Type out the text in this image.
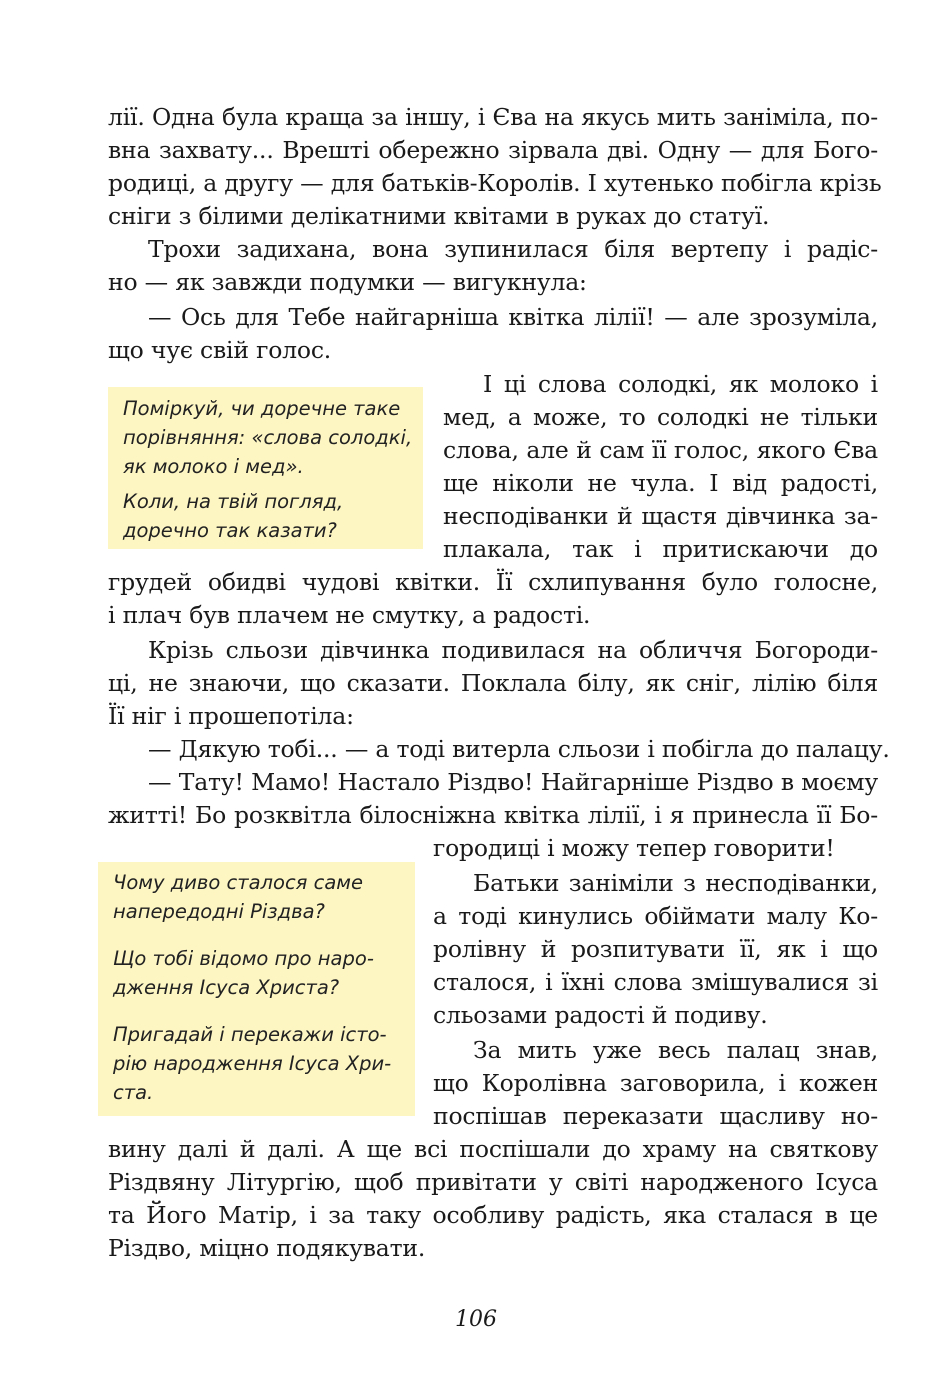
лії. Одна була краща за іншу, і Єва на якусь мить заніміла, по-
вна захвату... Врешті обережно зірвала дві. Одну — для Бого-
родиці, а другу — для батьків-Королів. І хутенько побігла крізь
сніги з білими делікатними квітами в руках до статуї.
Трохи задихана, вона зупинилася біля вертепу і радіс-
но — як завжди подумки — вигукнула:
— Ось для Тебе найгарніша квітка лілії! — але зрозуміла,
що чує свій голос.

Поміркуй, чи доречне таке порівняння: «слова солодкі, як молоко і мед».

Коли, на твій погляд, доречно так казати?

І ці слова солодкі, як молоко і
мед, а може, то солодкі не тільки
слова, але й сам її голос, якого Єва
ще ніколи не чула. І від радості,
несподіванки й щастя дівчинка за-
плакала, так і притискаючи до
грудей обидві чудові квітки. Її схлипування було голосне,
і плач був плачем не смутку, а радості.
Крізь сльози дівчинка подивилася на обличчя Богороди-
ці, не знаючи, що сказати. Поклала білу, як сніг, лілію біля
Її ніг і прошепотіла:
— Дякую тобі... — а тоді витерла сльози і побігла до палацу.
— Тату! Мамо! Настало Різдво! Найгарніше Різдво в моєму
житті! Бо розквітла білосніжна квітка лілії, і я принесла її Бо-

Чому диво сталося саме напередодні Різдва?

Що тобі відомо про наро- дження Ісуса Христа?

Пригадай і перекажи істо- рію народження Ісуса Хри- ста.

городиці і можу тепер говорити!
Батьки заніміли з несподіванки,
а тоді кинулись обіймати малу Ко-
ролівну й розпитувати її, як і що
сталося, і їхні слова змішувалися зі
сльозами радості й подиву.
За мить уже весь палац знав,
що Королівна заговорила, і кожен
поспішав переказати щасливу но-
вину далі й далі. А ще всі поспішали до храму на святкову
Різдвяну Літургію, щоб привітати у світі народженого Ісуса
та Його Матір, і за таку особливу радість, яка сталася в це
Різдво, міцно подякувати.
106
